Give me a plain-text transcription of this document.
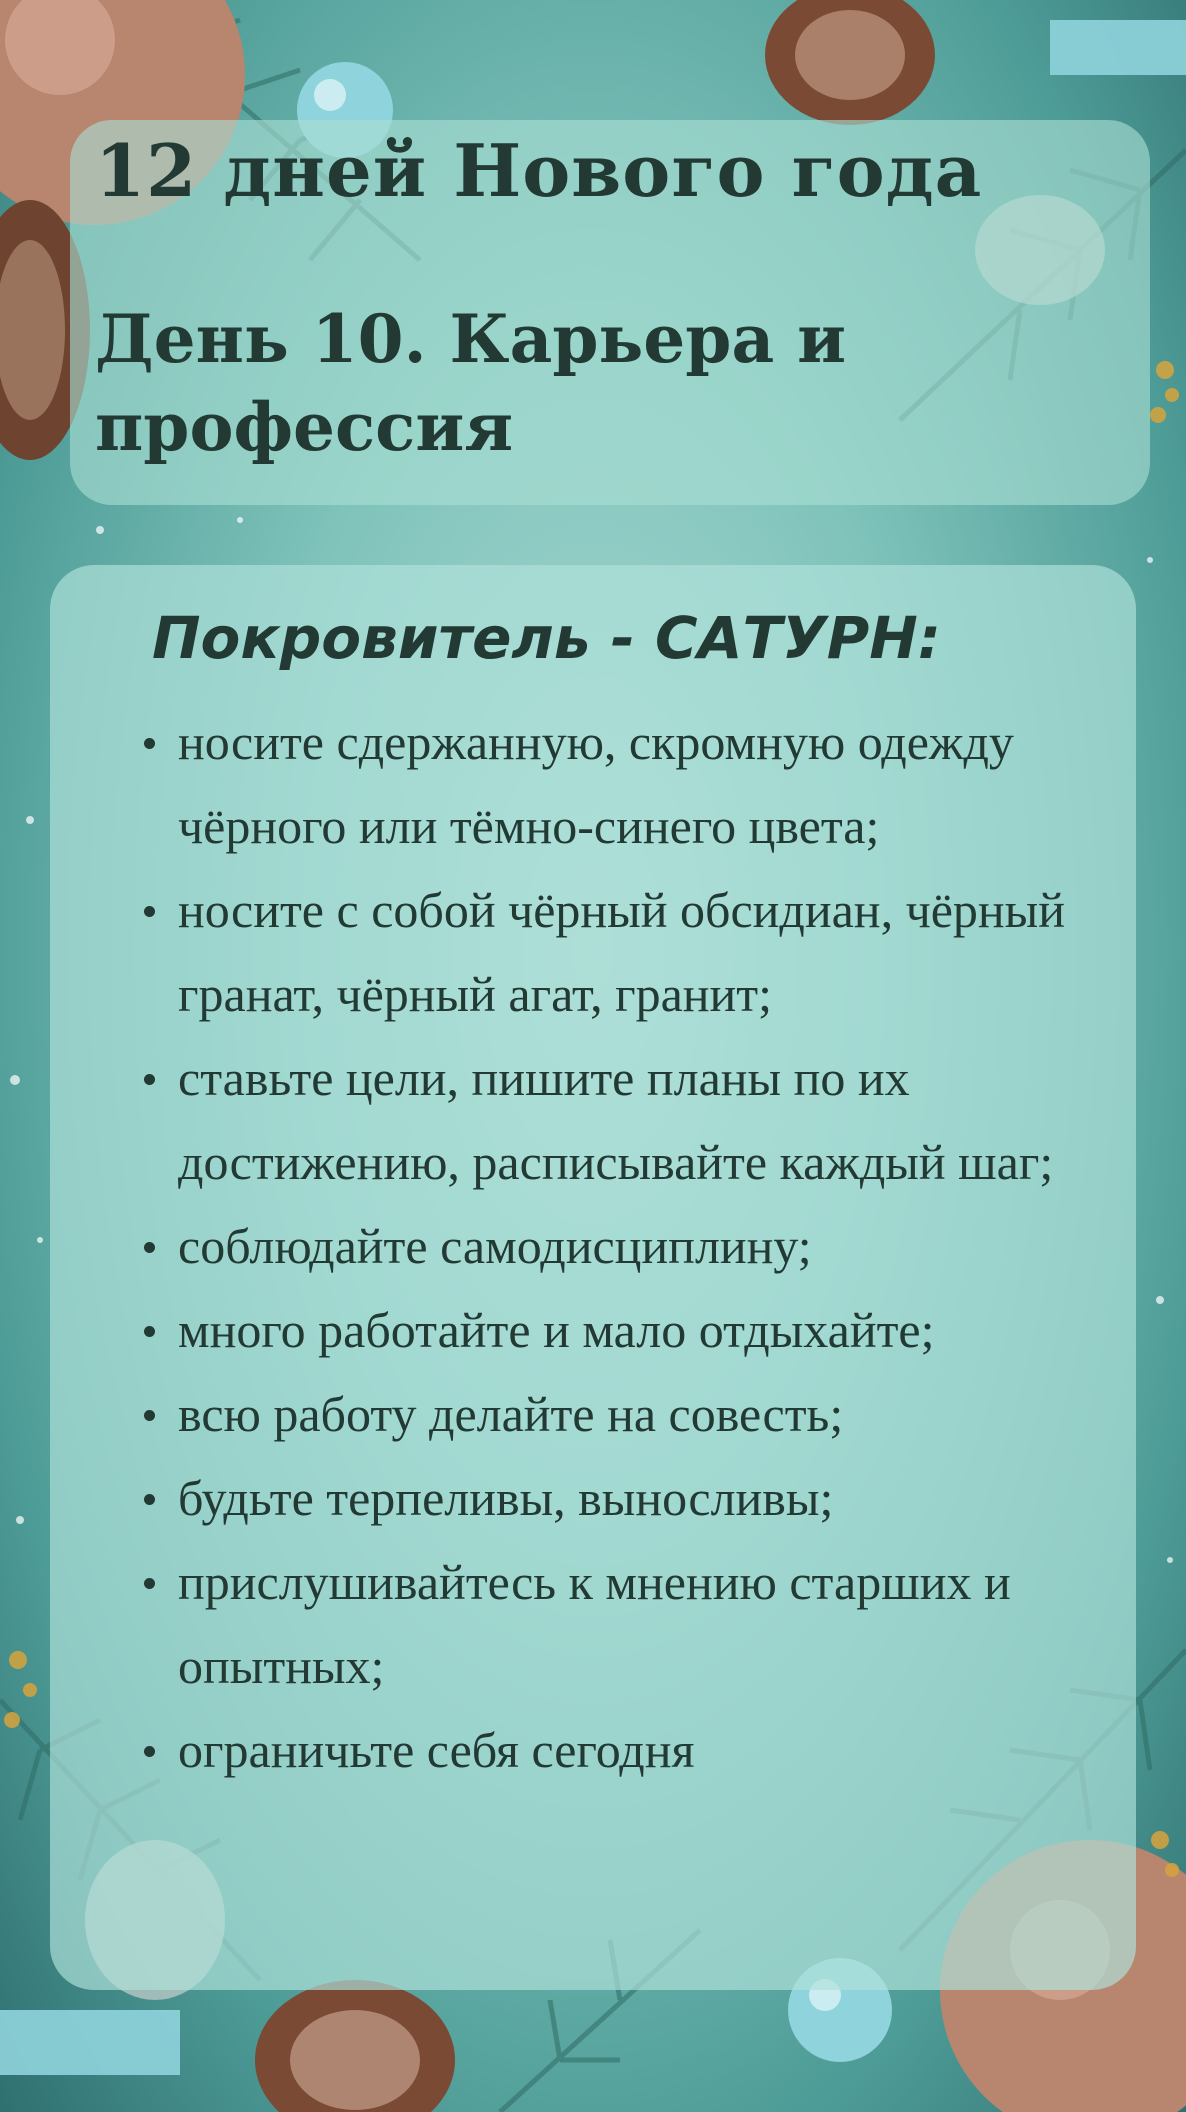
12 дней Нового года
День 10. Карьера и профессия
Покровитель - САТУРН:
носите сдержанную, скромную одежду чёрного или тёмно-синего цвета;
носите с собой чёрный обсидиан, чёрный гранат, чёрный агат, гранит;
ставьте цели, пишите планы по их достижению, расписывайте каждый шаг;
соблюдайте самодисциплину;
много работайте и мало отдыхайте;
всю работу делайте на совесть;
будьте терпеливы, выносливы;
прислушивайтесь к мнению старших и опытных;
ограничьте себя сегодня
